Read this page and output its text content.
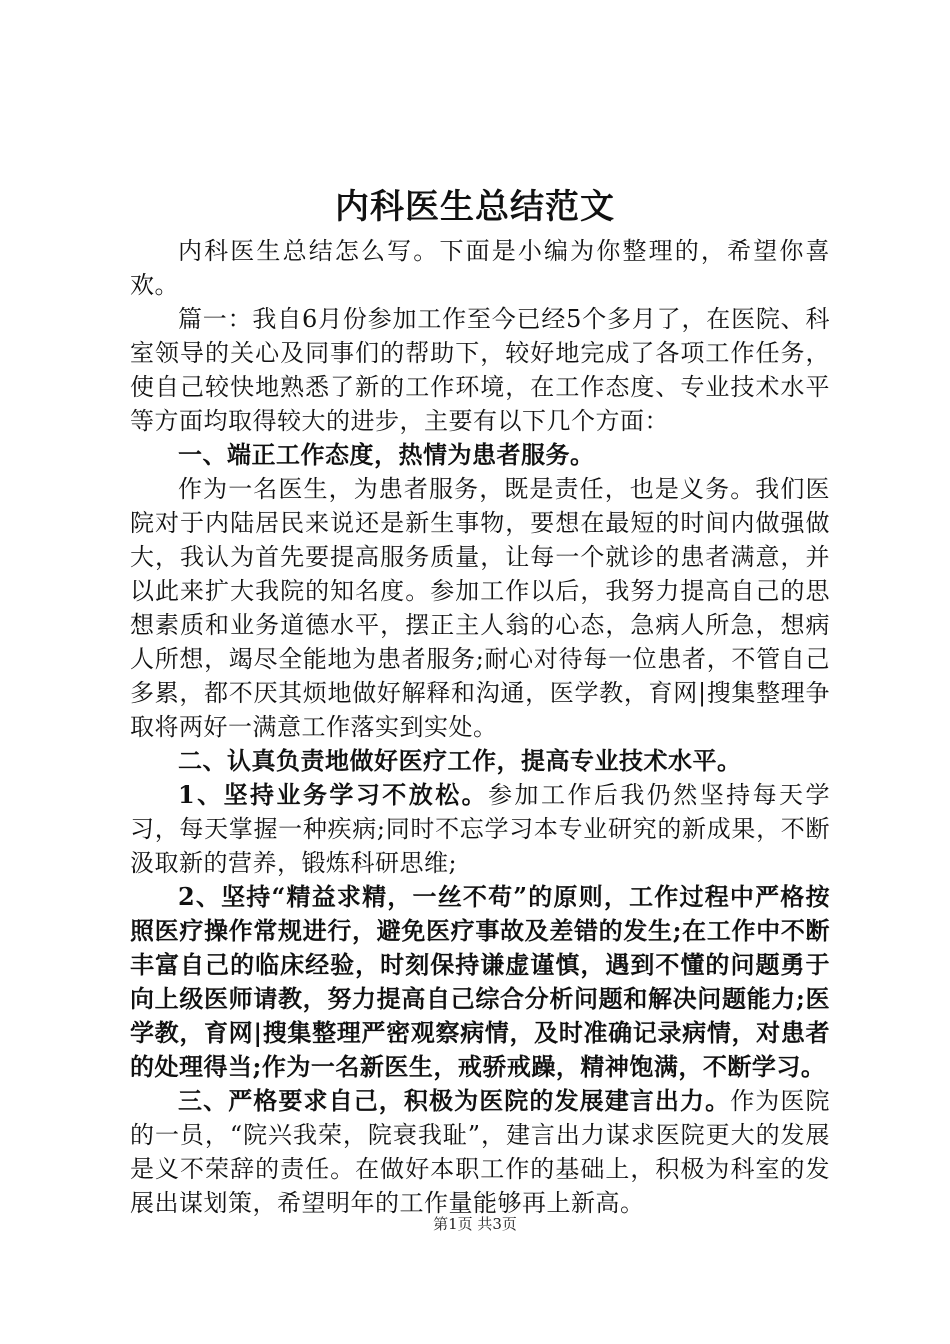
内科医生总结范文

内科医生总结怎么写。下面是小编为你整理的，希望你喜欢。

篇一：我自6月份参加工作至今已经5个多月了，在医院、科室领导的关心及同事们的帮助下，较好地完成了各项工作任务，使自己较快地熟悉了新的工作环境，在工作态度、专业技术水平等方面均取得较大的进步，主要有以下几个方面：

一、端正工作态度，热情为患者服务。

作为一名医生，为患者服务，既是责任，也是义务。我们医院对于内陆居民来说还是新生事物，要想在最短的时间内做强做大，我认为首先要提高服务质量，让每一个就诊的患者满意，并以此来扩大我院的知名度。参加工作以后，我努力提高自己的思想素质和业务道德水平，摆正主人翁的心态，急病人所急，想病人所想，竭尽全能地为患者服务;耐心对待每一位患者，不管自己多累，都不厌其烦地做好解释和沟通，医学教，育网|搜集整理争取将两好一满意工作落实到实处。

二、认真负责地做好医疗工作，提高专业技术水平。

1、坚持业务学习不放松。参加工作后我仍然坚持每天学习，每天掌握一种疾病;同时不忘学习本专业研究的新成果，不断汲取新的营养，锻炼科研思维;

2、坚持“精益求精，一丝不苟”的原则，工作过程中严格按照医疗操作常规进行，避免医疗事故及差错的发生;在工作中不断丰富自己的临床经验，时刻保持谦虚谨慎，遇到不懂的问题勇于向上级医师请教，努力提高自己综合分析问题和解决问题能力;医学教，育网|搜集整理严密观察病情，及时准确记录病情，对患者的处理得当;作为一名新医生，戒骄戒躁，精神饱满，不断学习。

三、严格要求自己，积极为医院的发展建言出力。作为医院的一员，“院兴我荣，院衰我耻”，建言出力谋求医院更大的发展是义不荣辞的责任。在做好本职工作的基础上，积极为科室的发展出谋划策，希望明年的工作量能够再上新高。

第1页 共3页
